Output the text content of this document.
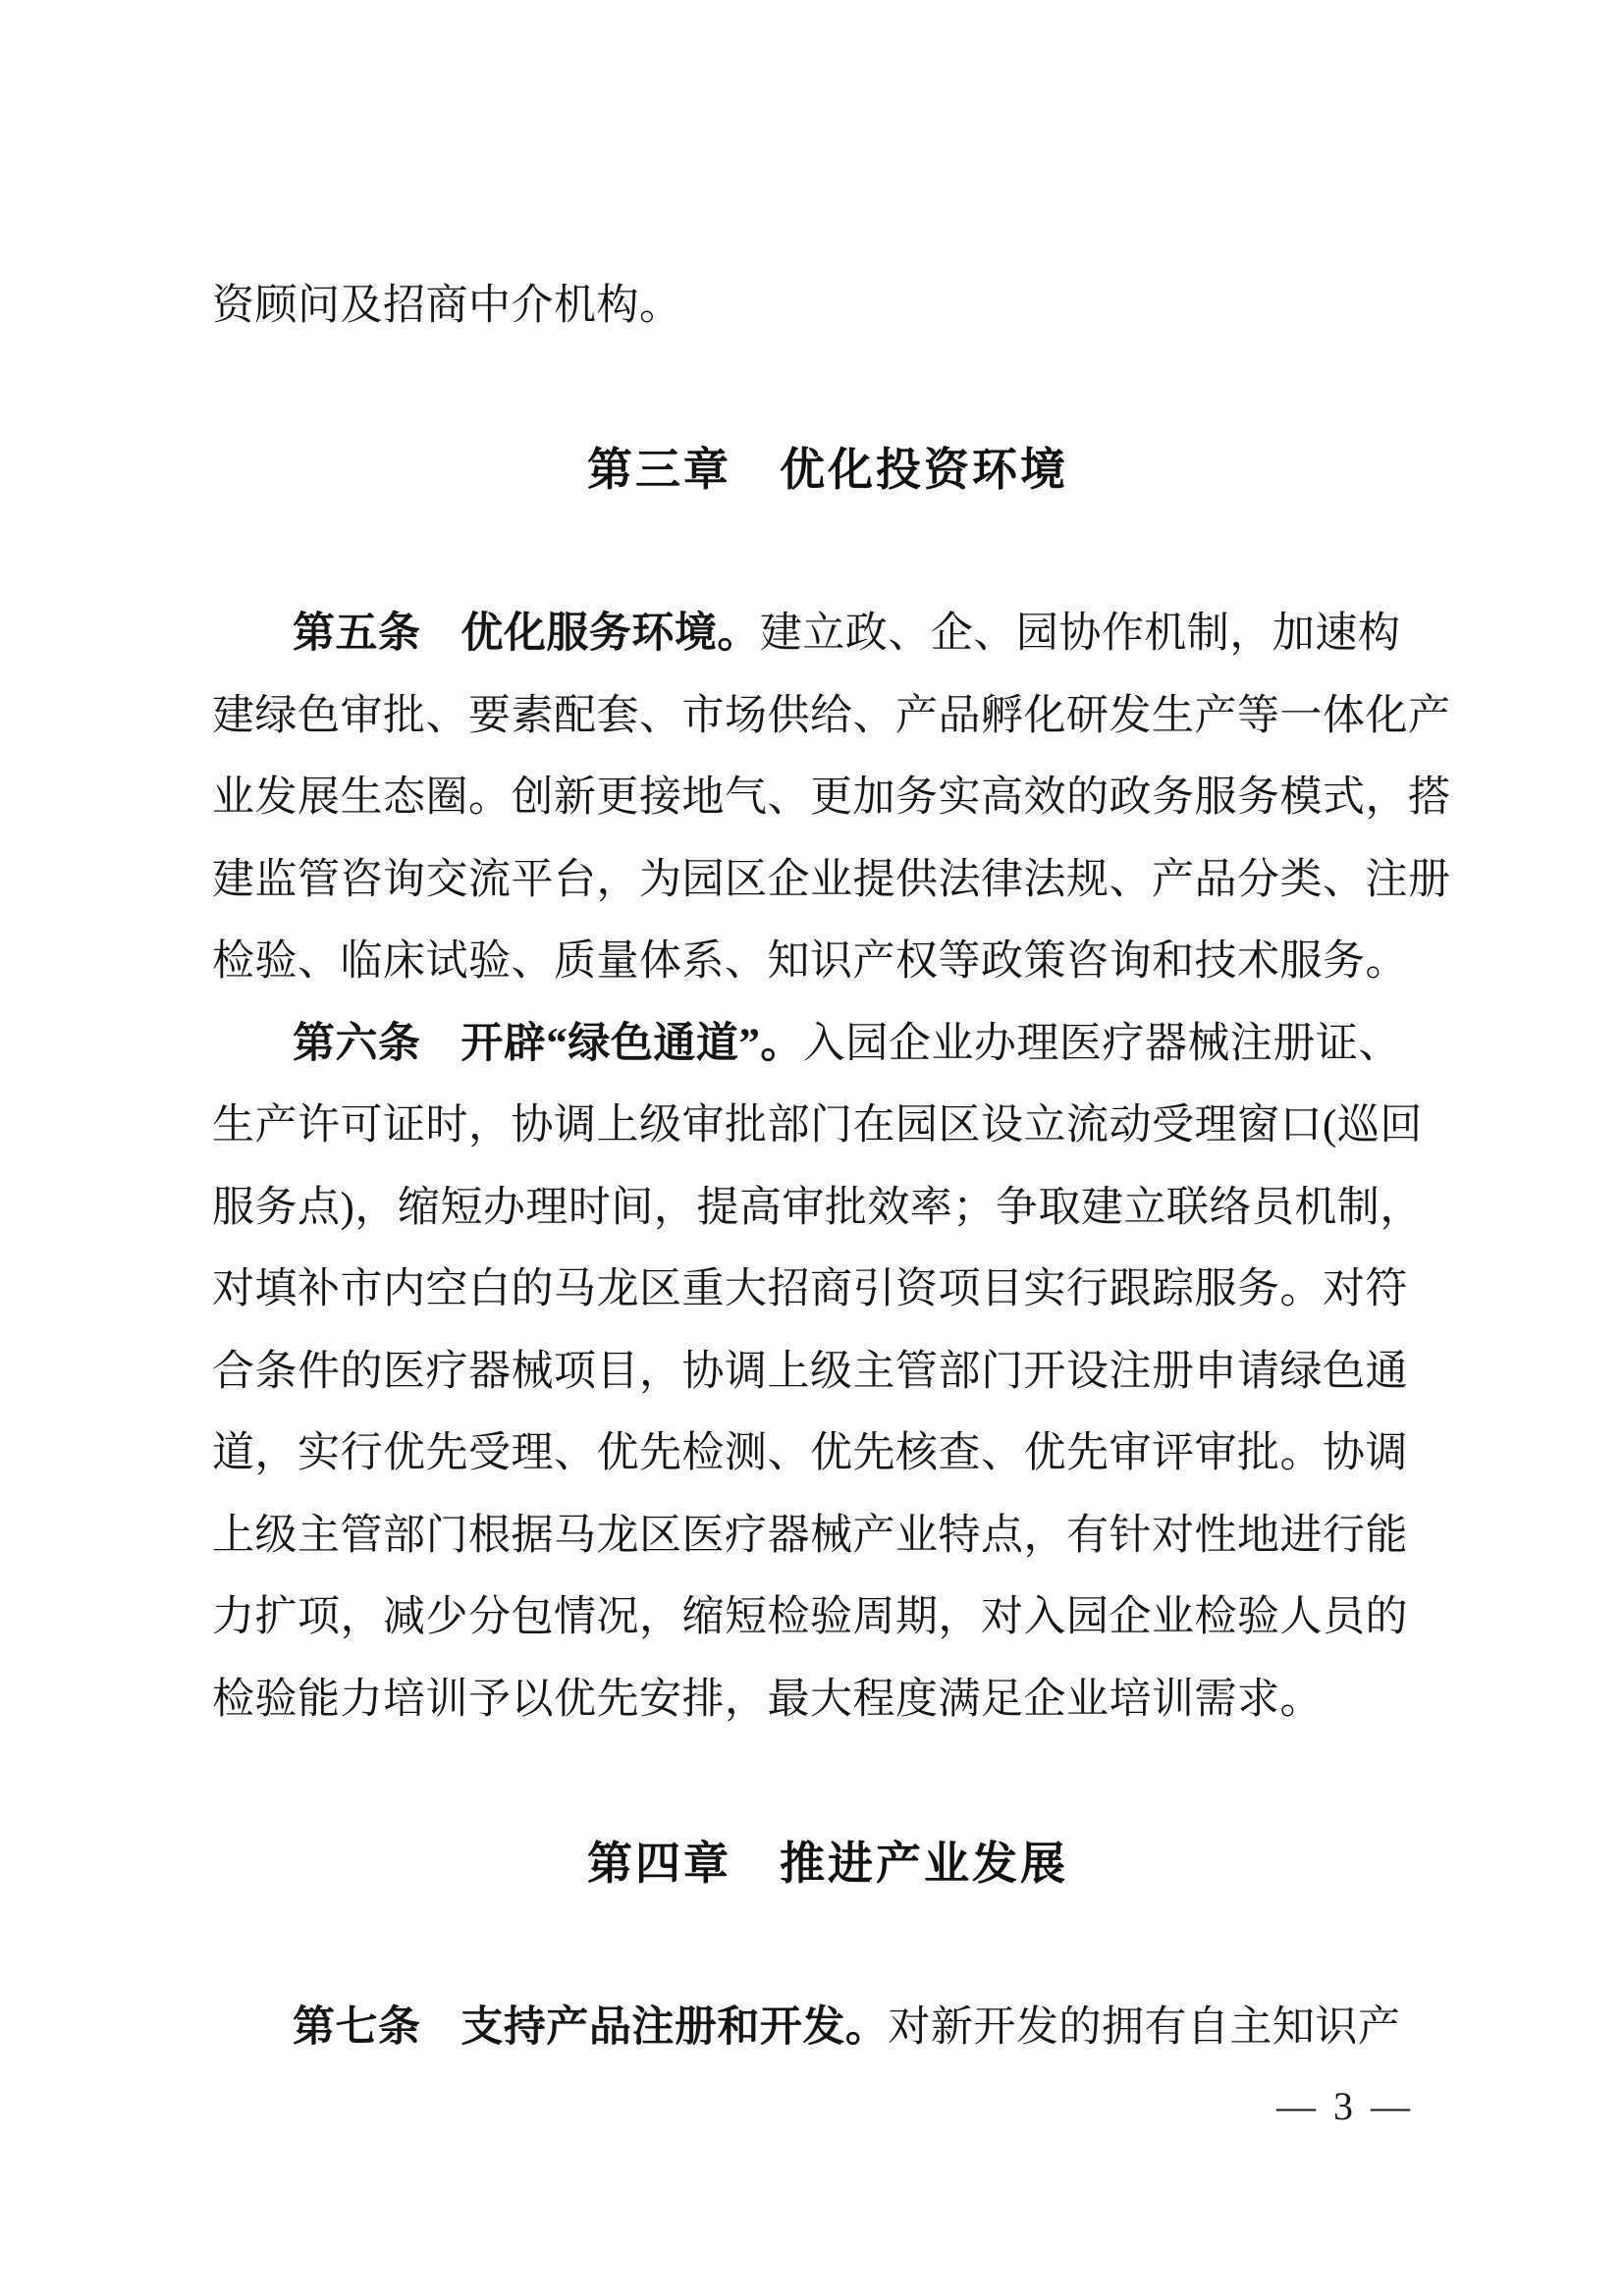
资顾问及招商中介机构。

第三章　优化投资环境

第五条 优化服务环境。建立政、企、园协作机制，加速构

建绿色审批、要素配套、市场供给、产品孵化研发生产等一体化产

业发展生态圈。创新更接地气、更加务实高效的政务服务模式，搭

建监管咨询交流平台，为园区企业提供法律法规、产品分类、注册

检验、临床试验、质量体系、知识产权等政策咨询和技术服务。

第六条 开辟“绿色通道”。入园企业办理医疗器械注册证、

生产许可证时，协调上级审批部门在园区设立流动受理窗口(巡回

服务点)，缩短办理时间，提高审批效率；争取建立联络员机制，

对填补市内空白的马龙区重大招商引资项目实行跟踪服务。对符

合条件的医疗器械项目，协调上级主管部门开设注册申请绿色通

道，实行优先受理、优先检测、优先核查、优先审评审批。协调

上级主管部门根据马龙区医疗器械产业特点，有针对性地进行能

力扩项，减少分包情况，缩短检验周期，对入园企业检验人员的

检验能力培训予以优先安排，最大程度满足企业培训需求。

第四章　推进产业发展

第七条 支持产品注册和开发。对新开发的拥有自主知识产

— 3 —
